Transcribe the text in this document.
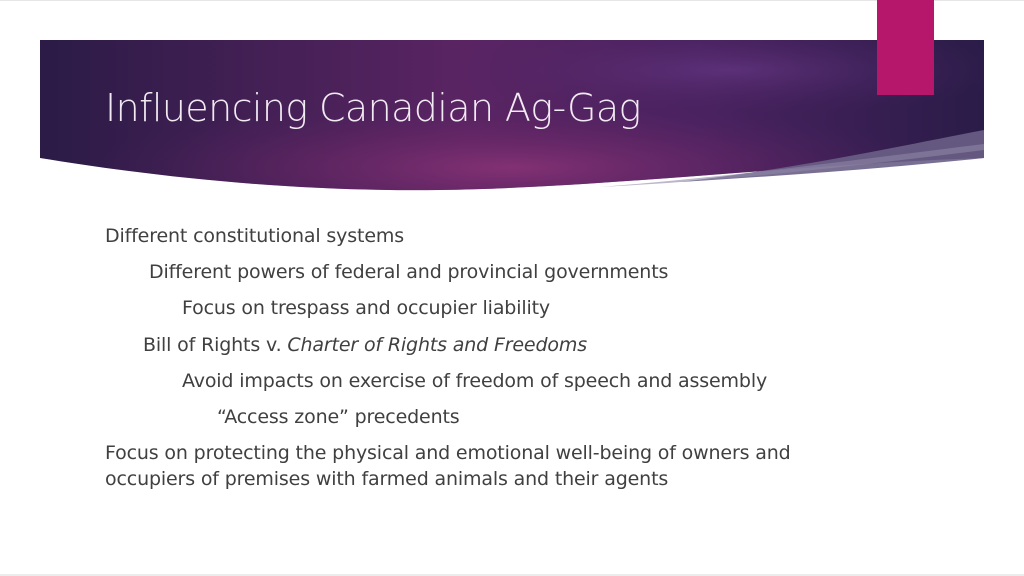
Influencing Canadian Ag-Gag

Different constitutional systems

Different powers of federal and provincial governments

Focus on trespass and occupier liability

Bill of Rights v. Charter of Rights and Freedoms

Avoid impacts on exercise of freedom of speech and assembly

“Access zone” precedents

Focus on protecting the physical and emotional well-being of owners and

occupiers of premises with farmed animals and their agents
